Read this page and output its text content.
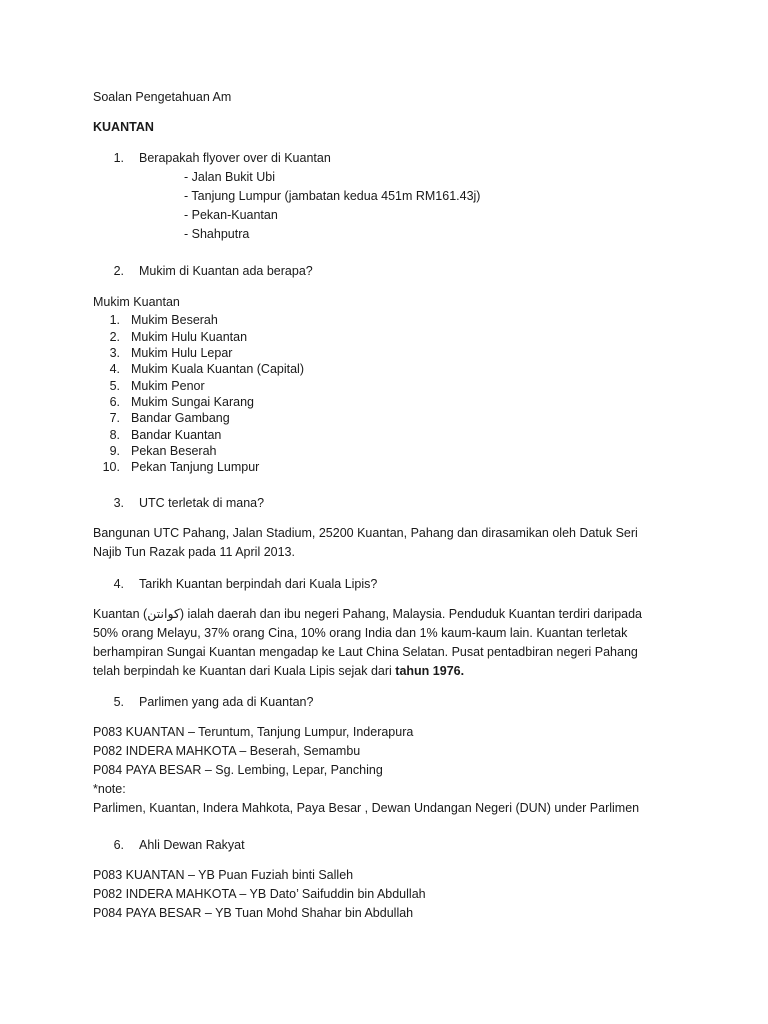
Soalan Pengetahuan Am
KUANTAN
1. Berapakah flyover over di Kuantan
- Jalan Bukit Ubi
- Tanjung Lumpur (jambatan kedua 451m RM161.43j)
- Pekan-Kuantan
- Shahputra
2. Mukim di Kuantan ada berapa?
Mukim Kuantan
1. Mukim Beserah
2. Mukim Hulu Kuantan
3. Mukim Hulu Lepar
4. Mukim Kuala Kuantan (Capital)
5. Mukim Penor
6. Mukim Sungai Karang
7. Bandar Gambang
8. Bandar Kuantan
9. Pekan Beserah
10. Pekan Tanjung Lumpur
3. UTC terletak di mana?
Bangunan UTC Pahang, Jalan Stadium, 25200 Kuantan, Pahang dan dirasamikan oleh Datuk Seri
Najib Tun Razak pada 11 April 2013.
4. Tarikh Kuantan berpindah dari Kuala Lipis?
Kuantan (كوانتن) ialah daerah dan ibu negeri Pahang, Malaysia. Penduduk Kuantan terdiri daripada
50% orang Melayu, 37% orang Cina, 10% orang India dan 1% kaum-kaum lain. Kuantan terletak
berhampiran Sungai Kuantan mengadap ke Laut China Selatan. Pusat pentadbiran negeri Pahang
telah berpindah ke Kuantan dari Kuala Lipis sejak dari tahun 1976.
5. Parlimen yang ada di Kuantan?
P083 KUANTAN – Teruntum, Tanjung Lumpur, Inderapura
P082 INDERA MAHKOTA – Beserah, Semambu
P084 PAYA BESAR – Sg. Lembing, Lepar, Panching
*note:
Parlimen, Kuantan, Indera Mahkota, Paya Besar , Dewan Undangan Negeri (DUN) under Parlimen
6. Ahli Dewan Rakyat
P083 KUANTAN – YB Puan Fuziah binti Salleh
P082 INDERA MAHKOTA – YB Dato’ Saifuddin bin Abdullah
P084 PAYA BESAR – YB Tuan Mohd Shahar bin Abdullah
